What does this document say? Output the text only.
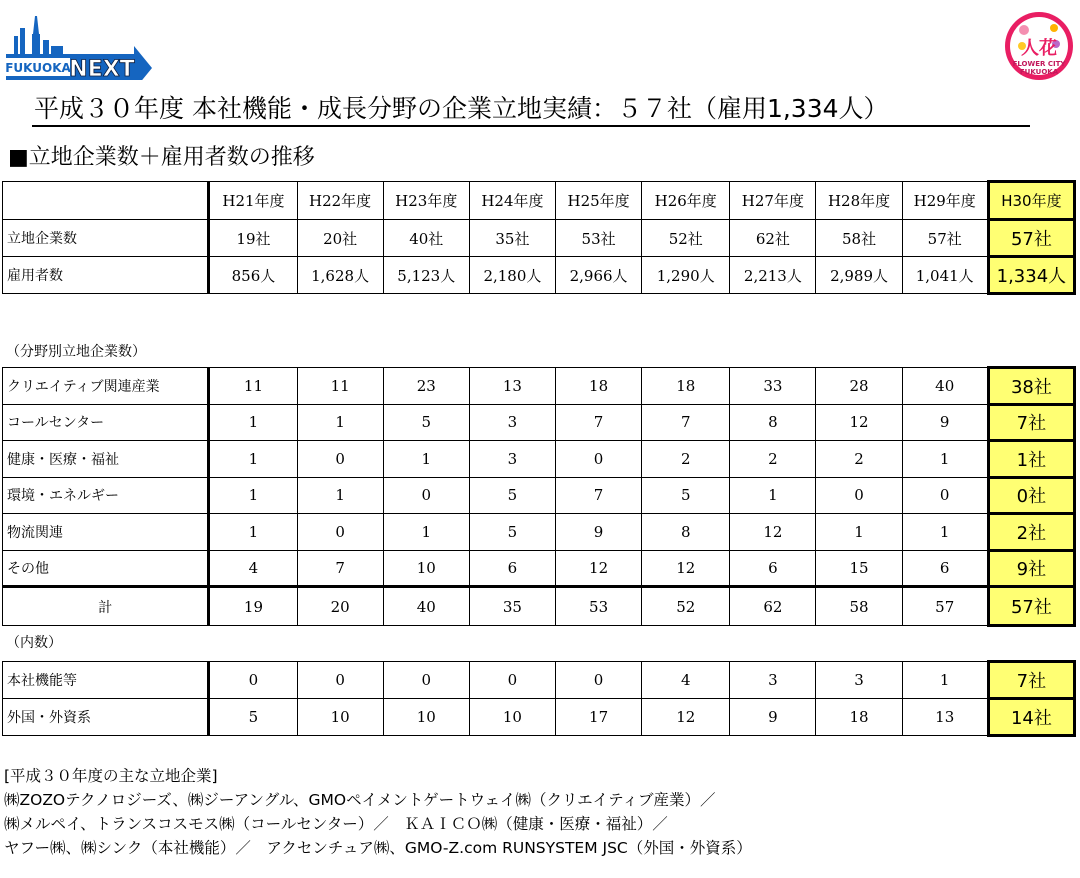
FUKUOKA
NEXT
人花
FLOWER CITY
FUKUOKA
平成３０年度 本社機能・成長分野の企業立地実績：５７社（雇用1,334人）
■立地企業数＋雇用者数の推移
	H21年度	H22年度	H23年度	H24年度	H25年度	H26年度	H27年度	H28年度	H29年度	H30年度
立地企業数	19社	20社	40社	35社	53社	52社	62社	58社	57社	57社
雇用者数	856人	1,628人	5,123人	2,180人	2,966人	1,290人	2,213人	2,989人	1,041人	1,334人
（分野別立地企業数）
クリエイティブ関連産業	11	11	23	13	18	18	33	28	40	38社
コールセンター	1	1	5	3	7	7	8	12	9	7社
健康・医療・福祉	1	0	1	3	0	2	2	2	1	1社
環境・エネルギー	1	1	0	5	7	5	1	0	0	0社
物流関連	1	0	1	5	9	8	12	1	1	2社
その他	4	7	10	6	12	12	6	15	6	9社
計	19	20	40	35	53	52	62	58	57	57社
（内数）
本社機能等	0	0	0	0	0	4	3	3	1	7社
外国・外資系	5	10	10	10	17	12	9	18	13	14社
[平成３０年度の主な立地企業]
㈱ZOZOテクノロジーズ、㈱ジーアングル、GMOペイメントゲートウェイ㈱（クリエイティブ産業）／
㈱メルペイ、トランスコスモス㈱（コールセンター）／　ＫＡＩＣＯ㈱（健康・医療・福祉）／
ヤフー㈱、㈱シンク（本社機能）／　アクセンチュア㈱、GMO-Z.com RUNSYSTEM JSC（外国・外資系）
